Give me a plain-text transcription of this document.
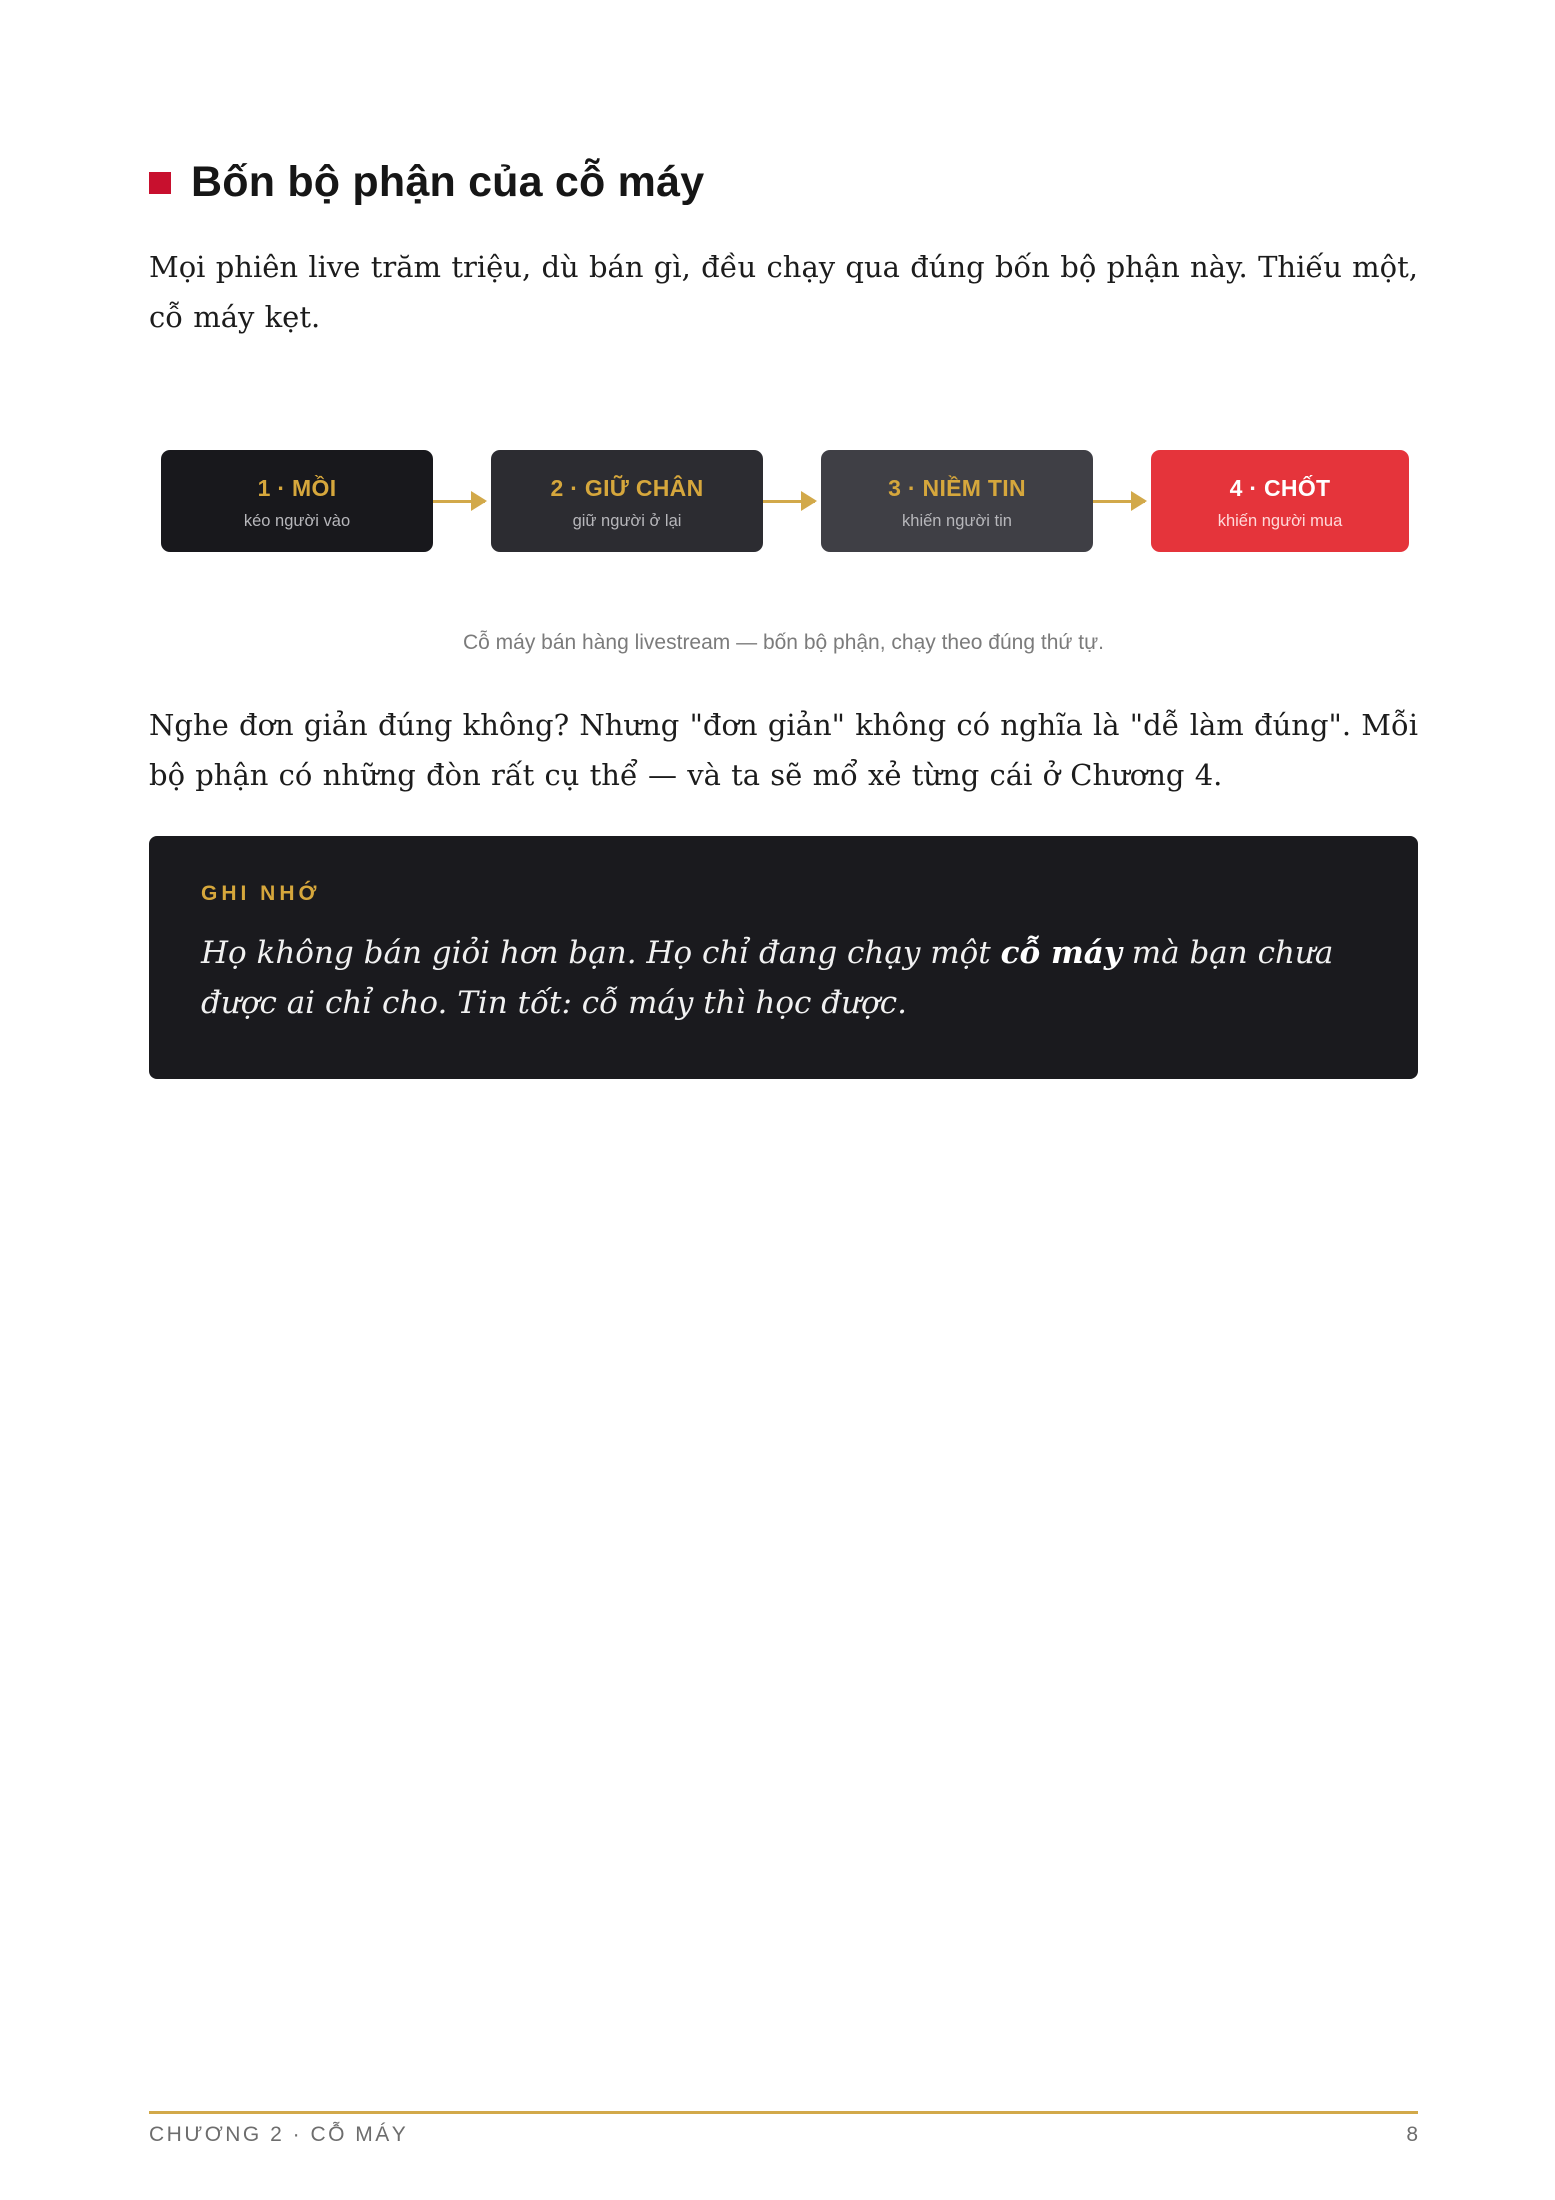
Bốn bộ phận của cỗ máy

Mọi phiên live trăm triệu, dù bán gì, đều chạy qua đúng bốn bộ phận này. Thiếu một, cỗ máy kẹt.

1 · MỒI
kéo người vào
2 · GIỮ CHÂN
giữ người ở lại
3 · NIỀM TIN
khiến người tin
4 · CHỐT
khiến người mua
Cỗ máy bán hàng livestream — bốn bộ phận, chạy theo đúng thứ tự.

Nghe đơn giản đúng không? Nhưng "đơn giản" không có nghĩa là "dễ làm đúng". Mỗi bộ phận có những đòn rất cụ thể — và ta sẽ mổ xẻ từng cái ở Chương 4.

GHI NHỚ

Họ không bán giỏi hơn bạn. Họ chỉ đang chạy một cỗ máy mà bạn chưa được ai chỉ cho. Tin tốt: cỗ máy thì học được.

CHƯƠNG 2 · CỖ MÁY	8
